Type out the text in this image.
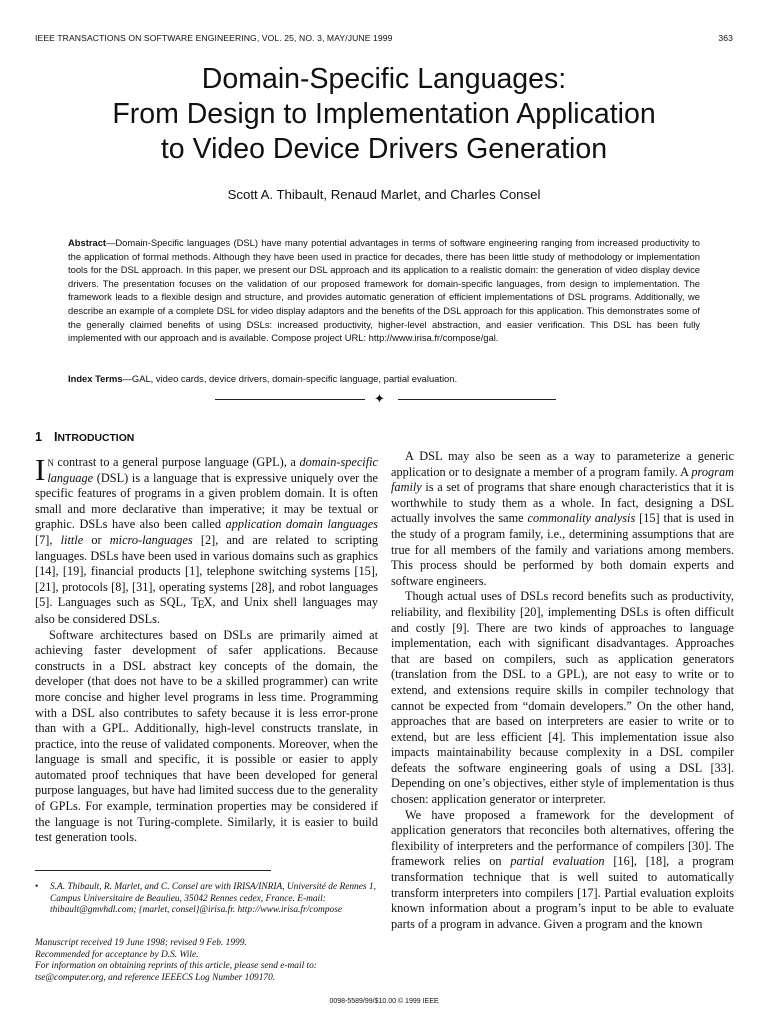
IEEE TRANSACTIONS ON SOFTWARE ENGINEERING, VOL. 25, NO. 3, MAY/JUNE 1999	363
Domain-Specific Languages:
From Design to Implementation Application
to Video Device Drivers Generation
Scott A. Thibault, Renaud Marlet, and Charles Consel

Abstract—Domain-Specific languages (DSL) have many potential advantages in terms of software engineering ranging from increased productivity to the application of formal methods. Although they have been used in practice for decades, there has been little study of methodology or implementation tools for the DSL approach. In this paper, we present our DSL approach and its application to a realistic domain: the generation of video display device drivers. The presentation focuses on the validation of our proposed framework for domain-specific languages, from design to implementation. The framework leads to a flexible design and structure, and provides automatic generation of efficient implementations of DSL programs. Additionally, we describe an example of a complete DSL for video display adaptors and the benefits of the DSL approach for this application. This demonstrates some of the generally claimed benefits of using DSLs: increased productivity, higher-level abstraction, and easier verification. This DSL has been fully implemented with our approach and is available. Compose project URL: http://www.irisa.fr/compose/gal.

Index Terms—GAL, video cards, device drivers, domain-specific language, partial evaluation.
✦
1 INTRODUCTION

In contrast to a general purpose language (GPL), a domain-specific language (DSL) is a language that is expressive uniquely over the specific features of programs in a given problem domain. It is often small and more declarative than imperative; it may be textual or graphic. DSLs have also been called application domain languages [7], little or micro-languages [2], and are related to scripting languages. DSLs have been used in various domains such as graphics [14], [19], financial products [1], telephone switching systems [15], [21], protocols [8], [31], operating systems [28], and robot languages [5]. Languages such as SQL, TEX, and Unix shell languages may also be considered DSLs.

Software architectures based on DSLs are primarily aimed at achieving faster development of safer applications. Because constructs in a DSL abstract key concepts of the domain, the developer (that does not have to be a skilled programmer) can write more concise and higher level programs in less time. Programming with a DSL also contributes to safety because it is less error-prone than with a GPL. Additionally, high-level constructs translate, in practice, into the reuse of validated components. Moreover, when the language is small and specific, it is possible or easier to apply automated proof techniques that have been developed for general purpose languages, but have had limited success due to the generality of GPLs. For example, termination properties may be considered if the language is not Turing-complete. Similarly, it is easier to build test generation tools.

A DSL may also be seen as a way to parameterize a generic application or to designate a member of a program family. A program family is a set of programs that share enough characteristics that it is worthwhile to study them as a whole. In fact, designing a DSL actually involves the same commonality analysis [15] that is used in the study of a program family, i.e., determining assumptions that are true for all members of the family and variations among members. This process should be performed by both domain experts and software engineers.

Though actual uses of DSLs record benefits such as productivity, reliability, and flexibility [20], implementing DSLs is often difficult and costly [9]. There are two kinds of approaches to language implementation, each with significant disadvantages. Approaches that are based on compilers, such as application generators (translation from the DSL to a GPL), are not easy to write or to extend, and extensions require skills in compiler technology that cannot be expected from “domain developers.” On the other hand, approaches that are based on interpreters are easier to write or to extend, but are less efficient [4]. This implementation issue also impacts maintainability because complexity in a DSL compiler defeats the software engineering goals of using a DSL [33]. Depending on one’s objectives, either style of implementation is thus chosen: application generator or interpreter.

We have proposed a framework for the development of application generators that reconciles both alternatives, offering the flexibility of interpreters and the performance of compilers [30]. The framework relies on partial evaluation [16], [18], a program transformation technique that is well suited to automatically transform interpreters into compilers [17]. Partial evaluation exploits known information about a program’s input to be able to evaluate parts of a program in advance. Given a program and the known

• S.A. Thibault, R. Marlet, and C. Consel are with IRISA/INRIA, Université de Rennes 1, Campus Universitaire de Beaulieu, 35042 Rennes cedex, France. E-mail: thibault@gmvhdl.com; {marlet, consel}@irisa.fr. http://www.irisa.fr/compose
Manuscript received 19 June 1998; revised 9 Feb. 1999.
Recommended for acceptance by D.S. Wile.
For information on obtaining reprints of this article, please send e-mail to: tse@computer.org, and reference IEEECS Log Number 109170.
0098-5589/99/$10.00 © 1999 IEEE
